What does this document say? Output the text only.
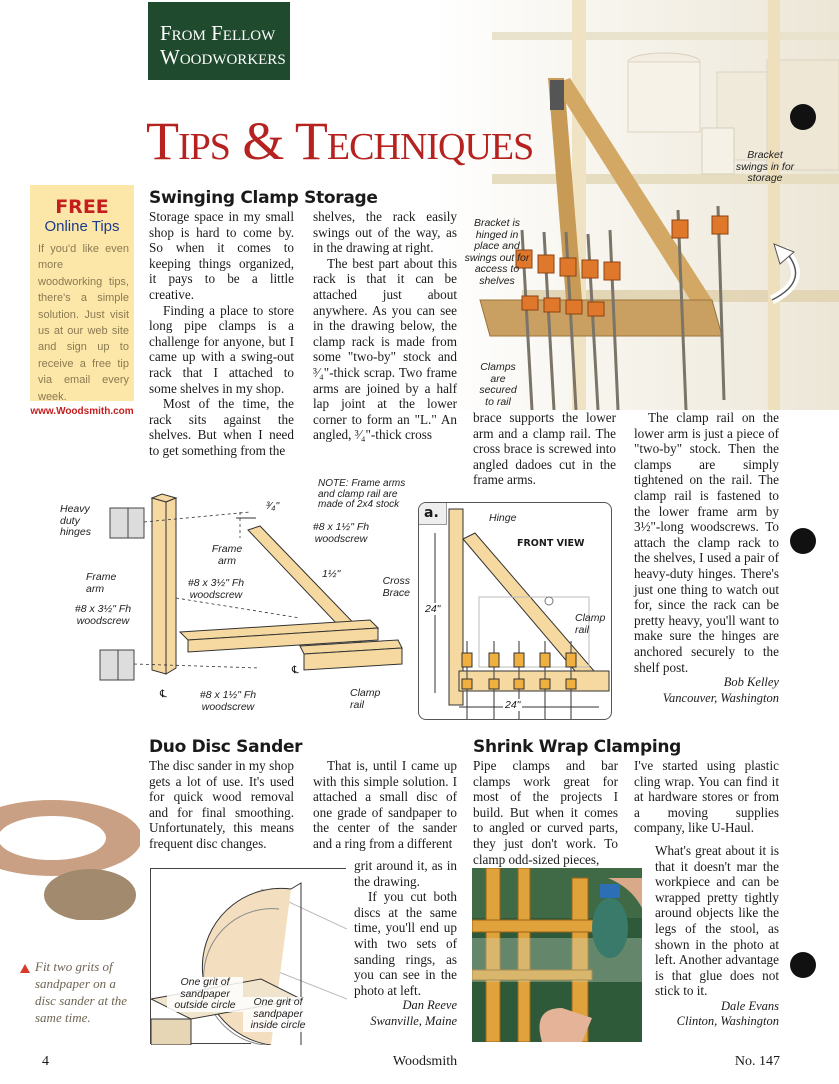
From Fellow
Woodworkers
Tips & Techniques	Bracket swings in for storage
Bracket is hinged in place and swings out for access to shelves
Clamps are secured to rail
FREE
Online Tips
If you'd like even more woodworking tips, there's a simple solution. Just visit us at our web site and sign up to receive a free tip via email every week.
www.Woodsmith.com
Swinging Clamp Storage

Storage space in my small shop is hard to come by. So when it comes to keeping things organized, it pays to be a little creative.

Finding a place to store long pipe clamps is a challenge for anyone, but I came up with a swing-out rack that I attached to some shelves in my shop.

Most of the time, the rack sits against the shelves. But when I need to get something from the

shelves, the rack easily swings out of the way, as in the drawing at right.

The best part about this rack is that it can be attached just about anywhere. As you can see in the drawing below, the clamp rack is made from some "two-by" stock and ³⁄₄"-thick scrap. Two frame arms are joined by a half lap joint at the lower corner to form an "L." An angled, ³⁄₄"-thick cross

brace supports the lower arm and a clamp rail. The cross brace is screwed into angled dadoes cut in the frame arms.

The clamp rail on the lower arm is just a piece of "two-by" stock. Then the clamps are simply tightened on the rail. The clamp rail is fastened to the lower frame arm by 3½"-long woodscrews. To attach the clamp rack to the shelves, I used a pair of heavy-duty hinges. There's just one thing to watch out for, since the rack can be pretty heavy, you'll want to make sure the hinges are anchored securely to the shelf post.

Bob Kelley
Vancouver, Washington
Heavy duty hinges
Frame arm
Frame arm	#8 x 3½" Fh woodscrew
#8 x 3½" Fh woodscrew
#8 x 1½" Fh woodscrew
#8 x 1½" Fh woodscrew
Cross Brace
Clamp rail
³⁄₄"
1½"
℄
℄
NOTE: Frame arms and clamp rail are made of 2x4 stock
a.	Hinge
FRONT VIEW
Clamp rail
24"
24"
Duo Disc Sander

The disc sander in my shop gets a lot of use. It's used for quick wood removal and for final smoothing. Unfortunately, this means frequent disc changes.

That is, until I came up with this simple solution. I attached a small disc of one grade of sandpaper to the center of the sander and a ring from a different

grit around it, as in the drawing.

If you cut both discs at the same time, you'll end up with two sets of sanding rings, as you can see in the photo at left.

Dan Reeve
Swanville, Maine
Fit two grits of sandpaper on a disc sander at the same time.
One grit of sandpaper outside circle	One grit of sandpaper inside circle
Shrink Wrap Clamping

Pipe clamps and bar clamps work great for most of the projects I build. But when it comes to angled or curved parts, they just don't work. To clamp odd-sized pieces,

I've started using plastic cling wrap. You can find it at hardware stores or from a moving supplies company, like U-Haul.

What's great about it is that it doesn't mar the workpiece and can be wrapped pretty tightly around objects like the legs of the stool, as shown in the photo at left. Another advantage is that glue does not stick to it.

Dale Evans
Clinton, Washington
4	Woodsmith	No. 147
